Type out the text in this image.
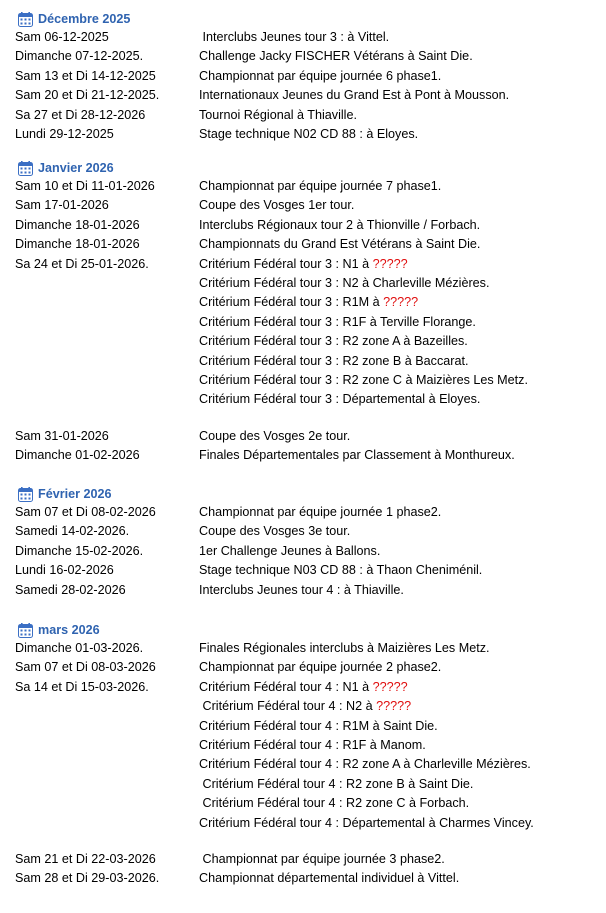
Décembre 2025
Sam 06-12-2025	Interclubs Jeunes tour 3 : à Vittel.
Dimanche 07-12-2025.	Challenge Jacky FISCHER Vétérans à Saint Die.
Sam 13 et Di 14-12-2025	Championnat par équipe journée 6 phase1.
Sam 20 et Di 21-12-2025.	Internationaux Jeunes du Grand Est à Pont à Mousson.
Sa 27 et Di 28-12-2026	Tournoi Régional à Thiaville.
Lundi 29-12-2025	Stage technique N02 CD 88 : à Eloyes.
Janvier 2026
Sam 10 et Di 11-01-2026	Championnat par équipe journée 7 phase1.
Sam 17-01-2026	Coupe des Vosges 1er tour.
Dimanche 18-01-2026	Interclubs Régionaux tour 2 à Thionville / Forbach.
Dimanche 18-01-2026	Championnats du Grand Est Vétérans à Saint Die.
Sa 24 et Di 25-01-2026.	Critérium Fédéral tour 3 : N1 à ?????
Critérium Fédéral tour 3 : N2 à Charleville Mézières.
Critérium Fédéral tour 3 : R1M à ?????
Critérium Fédéral tour 3 : R1F à Terville Florange.
Critérium Fédéral tour 3 : R2 zone A à Bazeilles.
Critérium Fédéral tour 3 : R2 zone B à Baccarat.
Critérium Fédéral tour 3 : R2 zone C à Maizières Les Metz.
Critérium Fédéral tour 3 : Départemental à Eloyes.
Sam 31-01-2026	Coupe des Vosges 2e tour.
Dimanche 01-02-2026	Finales Départementales par Classement à Monthureux.
Février 2026
Sam 07 et Di 08-02-2026	Championnat par équipe journée 1 phase2.
Samedi 14-02-2026.	Coupe des Vosges 3e tour.
Dimanche 15-02-2026.	1er Challenge Jeunes à Ballons.
Lundi 16-02-2026	Stage technique N03 CD 88 : à Thaon Cheniménil.
Samedi 28-02-2026	Interclubs Jeunes tour 4 : à Thiaville.
mars 2026
Dimanche 01-03-2026.	Finales Régionales interclubs à Maizières Les Metz.
Sam 07 et Di 08-03-2026	Championnat par équipe journée 2 phase2.
Sa 14 et Di 15-03-2026.	Critérium Fédéral tour 4 : N1 à ?????
Critérium Fédéral tour 4 : N2 à ?????
Critérium Fédéral tour 4 : R1M à Saint Die.
Critérium Fédéral tour 4 : R1F à Manom.
Critérium Fédéral tour 4 : R2 zone A à Charleville Mézières.
Critérium Fédéral tour 4 : R2 zone B à Saint Die.
Critérium Fédéral tour 4 : R2 zone C à Forbach.
Critérium Fédéral tour 4 : Départemental à Charmes Vincey.
Sam 21 et Di 22-03-2026	Championnat par équipe journée 3 phase2.
Sam 28 et Di 29-03-2026.	Championnat départemental individuel à Vittel.
